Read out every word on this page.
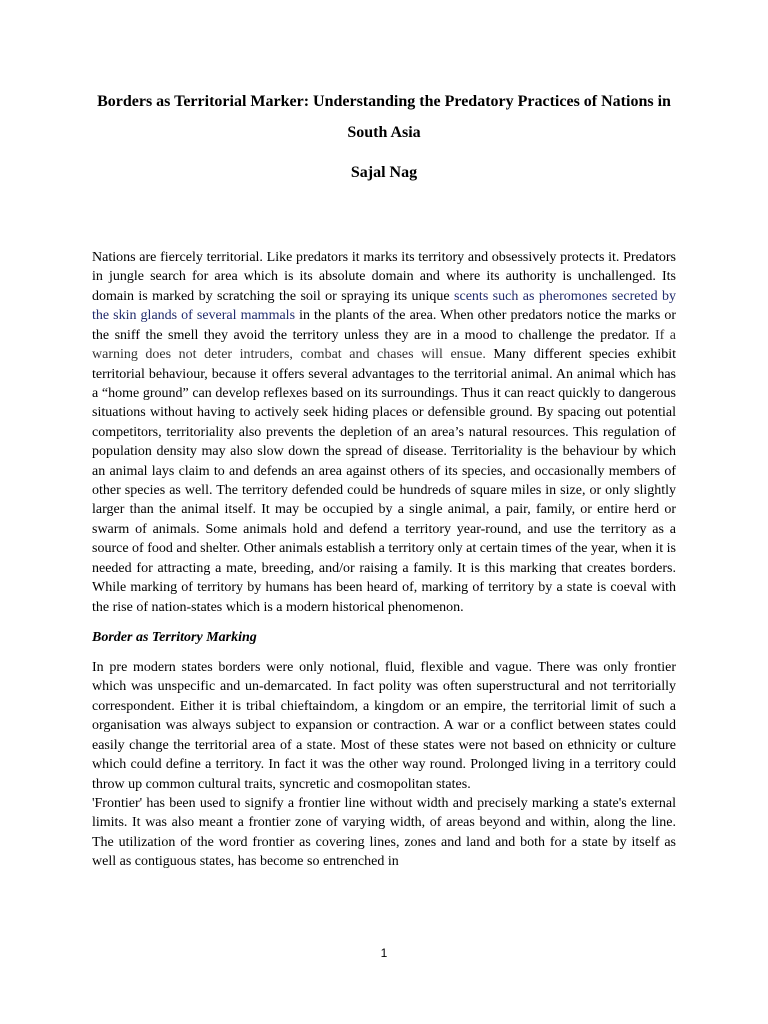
Borders as Territorial Marker: Understanding the Predatory Practices of Nations in South Asia
Sajal Nag

Nations are fiercely territorial. Like predators it marks its territory and obsessively protects it. Predators in jungle search for area which is its absolute domain and where its authority is unchallenged. Its domain is marked by scratching the soil or spraying its unique scents such as pheromones secreted by the skin glands of several mammals in the plants of the area. When other predators notice the marks or the sniff the smell they avoid the territory unless they are in a mood to challenge the predator. If a warning does not deter intruders, combat and chases will ensue. Many different species exhibit territorial behaviour, because it offers several advantages to the territorial animal. An animal which has a “home ground” can develop reflexes based on its surroundings. Thus it can react quickly to dangerous situations without having to actively seek hiding places or defensible ground. By spacing out potential competitors, territoriality also prevents the depletion of an area’s natural resources. This regulation of population density may also slow down the spread of disease. Territoriality is the behaviour by which an animal lays claim to and defends an area against others of its species, and occasionally members of other species as well. The territory defended could be hundreds of square miles in size, or only slightly larger than the animal itself. It may be occupied by a single animal, a pair, family, or entire herd or swarm of animals. Some animals hold and defend a territory year-round, and use the territory as a source of food and shelter. Other animals establish a territory only at certain times of the year, when it is needed for attracting a mate, breeding, and/or raising a family. It is this marking that creates borders. While marking of territory by humans has been heard of, marking of territory by a state is coeval with the rise of nation-states which is a modern historical phenomenon.

Border as Territory Marking

In pre modern states borders were only notional, fluid, flexible and vague. There was only frontier which was unspecific and un-demarcated. In fact polity was often superstructural and not territorially correspondent. Either it is tribal chieftaindom, a kingdom or an empire, the territorial limit of such a organisation was always subject to expansion or contraction. A war or a conflict between states could easily change the territorial area of a state. Most of these states were not based on ethnicity or culture which could define a territory. In fact it was the other way round. Prolonged living in a territory could throw up common cultural traits, syncretic and cosmopolitan states.

'Frontier' has been used to signify a frontier line without width and precisely marking a state's external limits. It was also meant a frontier zone of varying width, of areas beyond and within, along the line. The utilization of the word frontier as covering lines, zones and land and both for a state by itself as well as contiguous states, has become so entrenched in

1
